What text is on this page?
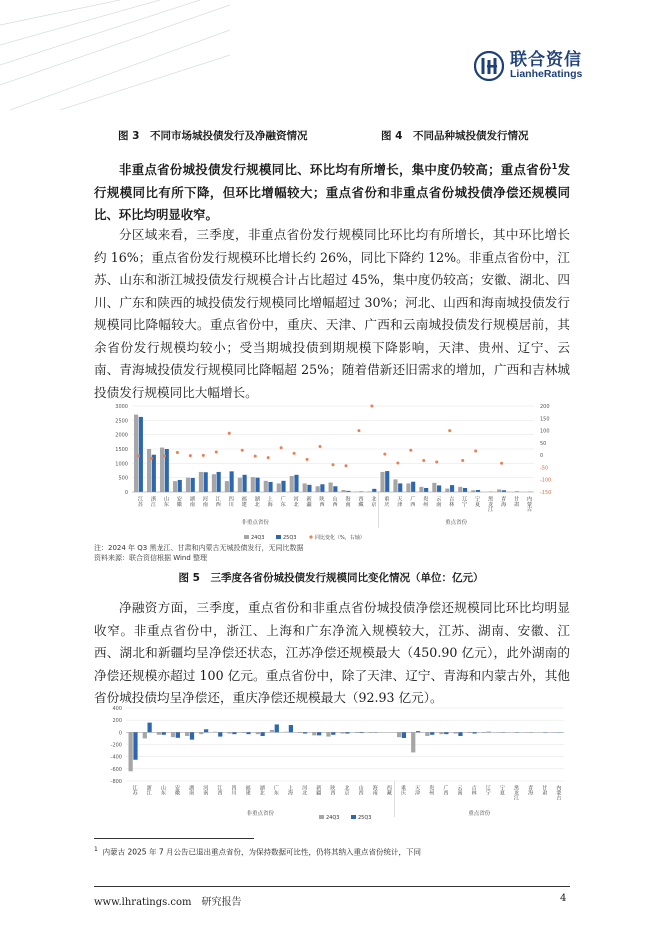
联合资信
LianheRatings
图 3　不同市场城投债发行及净融资情况	图 4　不同品种城投债发行情况

非重点省份城投债发行规模同比、环比均有所增长，集中度仍较高；重点省份$^1$发行规模同比有所下降，但环比增幅较大；重点省份和非重点省份城投债净偿还规模同比、环比均明显收窄。

分区域来看，三季度，非重点省份发行规模同比环比均有所增长，其中环比增长约 16%；重点省份发行规模环比增长约 26%，同比下降约 12%。非重点省份中，江苏、山东和浙江城投债发行规模合计占比超过 45%，集中度仍较高；安徽、湖北、四川、广东和陕西的城投债发行规模同比增幅超过 30%；河北、山西和海南城投债发行规模同比降幅较大。重点省份中，重庆、天津、广西和云南城投债发行规模居前，其余省份发行规模均较小；受当期城投债到期规模下降影响，天津、贵州、辽宁、云南、青海城投债发行规模同比降幅超 25%；随着借新还旧需求的增加，广西和吉林城投债发行规模同比大幅增长。

0
500
1000
1500
2000
2500
3000	200
150
100
50
0
-50
-100
-150
江苏 浙江 山东 安徽 湖南 河南 江西 四川 福建 湖北 上海 广东 河北 新疆 陕西 山西 海南 西藏 北京 重庆 天津 广西 贵州 云南 吉林 辽宁 宁夏 黑龙江 青海 甘肃 内蒙古
非重点省份	重点省份
24Q3	25Q3	同比变化（%，右轴）
注：2024 年 Q3 黑龙江、甘肃和内蒙古无城投债发行，无同比数据
资料来源：联合资信根据 Wind 整理
图 5　三季度各省份城投债发行规模同比变化情况（单位：亿元）

净融资方面，三季度，重点省份和非重点省份城投债净偿还规模同比环比均明显收窄。非重点省份中，浙江、上海和广东净流入规模较大，江苏、湖南、安徽、江西、湖北和新疆均呈净偿还状态，江苏净偿还规模最大（450.90 亿元），此外湖南的净偿还规模亦超过 100 亿元。重点省份中，除了天津、辽宁、青海和内蒙古外，其他省份城投债均呈净偿还，重庆净偿还规模最大（92.93 亿元）。

400
200
0
-200
-400
-600
-800
江苏 浙江 山东 安徽 湖南 河南 江西 四川 福建 湖北 广东 上海 河北 新疆 陕西 北京 山西 海南 西藏 重庆 天津 贵州 广西 云南 吉林 辽宁 宁夏 黑龙江 青海 甘肃 内蒙古
非重点省份	重点省份
24Q3	25Q3
$^1$ 内蒙古 2025 年 7 月公告已退出重点省份，为保持数据可比性，仍将其纳入重点省份统计，下同
www.lhratings.com　研究报告	4
